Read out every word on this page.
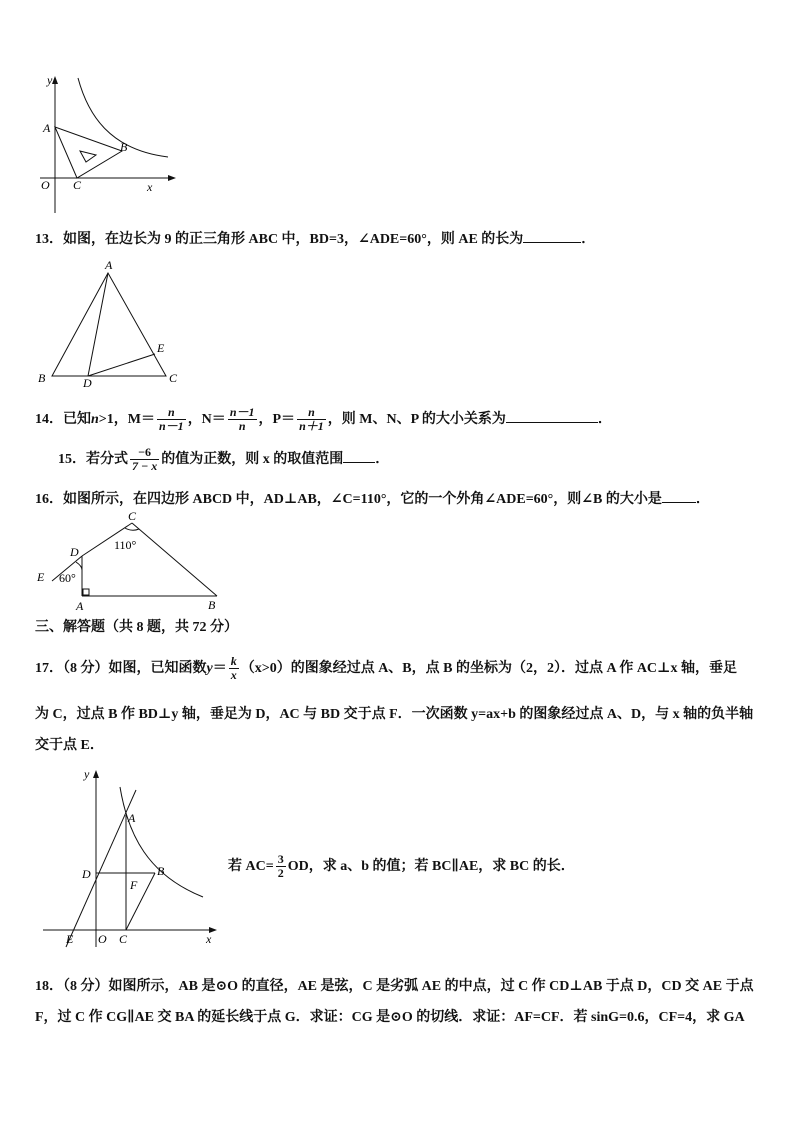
y
x
A
B
C
O
13．如图，在边长为 9 的正三角形 ABC 中，BD=3，∠ADE=60°，则 AE 的长为	．
A
B	C
D
E
14．已知n>1，$M= \frac{n}{n-1}$ ，$N= \frac{n-1}{n}$ ，$P= \frac{n}{n+1}$ ，则 M、N、P 的大小关系为	．
15．若分式 $\frac{-6}{7 - x}$ 的值为正数，则 x 的取值范围 ．
16．如图所示，在四边形 ABCD 中，AD⊥AB，∠C=110°，它的一个外角∠ADE=60°，则∠B 的大小是 ．
C
D
E
A	B
110°
60°
三、解答题（共 8 题，共 72 分）
17．（8 分）如图，已知函数$y= \frac{k}{x} (x>0)$的图象经过点 A、B，点 B 的坐标为（2，2）．过点 A 作 AC⊥x 轴，垂足
为 C，过点 B 作 BD⊥y 轴，垂足为 D，AC 与 BD 交于点 F．一次函数 y=ax+b 的图象经过点 A、D，与 x 轴的负半轴
交于点 E．
y
x
A
B
C
D
E
F
O
若 $AC= \frac{3}{2}$ OD，求 a、b 的值；若 BC∥AE，求 BC 的长．
18．（8 分）如图所示，AB 是⊙O 的直径，AE 是弦，C 是劣弧 AE 的中点，过 C 作 CD⊥AB 于点 D，CD 交 AE 于点
F，过 C 作 CG∥AE 交 BA 的延长线于点 G．求证：CG 是⊙O 的切线．求证：AF=CF．若 sinG=0.6，CF=4，求 GA
